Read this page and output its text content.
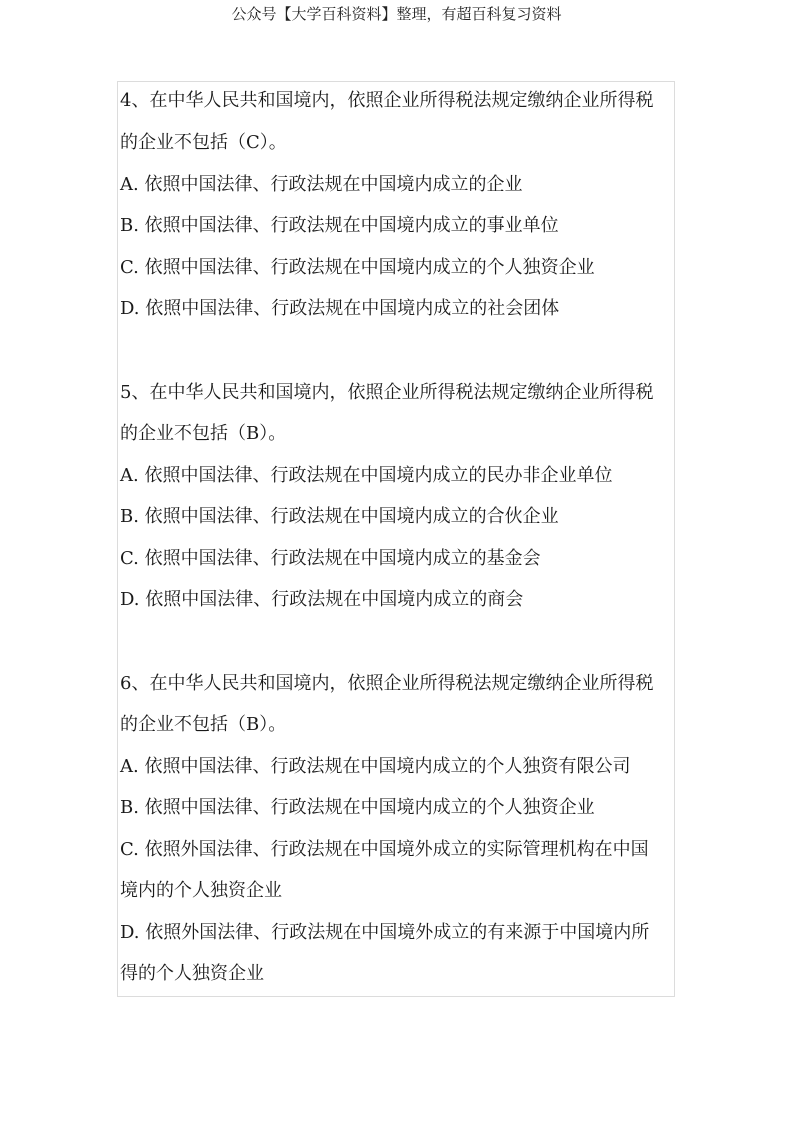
公众号【大学百科资料】整理，有超百科复习资料
4、在中华人民共和国境内，依照企业所得税法规定缴纳企业所得税
的企业不包括（C）。
A. 依照中国法律、行政法规在中国境内成立的企业
B. 依照中国法律、行政法规在中国境内成立的事业单位
C. 依照中国法律、行政法规在中国境内成立的个人独资企业
D. 依照中国法律、行政法规在中国境内成立的社会团体
5、在中华人民共和国境内，依照企业所得税法规定缴纳企业所得税
的企业不包括（B）。
A. 依照中国法律、行政法规在中国境内成立的民办非企业单位
B. 依照中国法律、行政法规在中国境内成立的合伙企业
C. 依照中国法律、行政法规在中国境内成立的基金会
D. 依照中国法律、行政法规在中国境内成立的商会
6、在中华人民共和国境内，依照企业所得税法规定缴纳企业所得税
的企业不包括（B）。
A. 依照中国法律、行政法规在中国境内成立的个人独资有限公司
B. 依照中国法律、行政法规在中国境内成立的个人独资企业
C. 依照外国法律、行政法规在中国境外成立的实际管理机构在中国
境内的个人独资企业
D. 依照外国法律、行政法规在中国境外成立的有来源于中国境内所
得的个人独资企业
